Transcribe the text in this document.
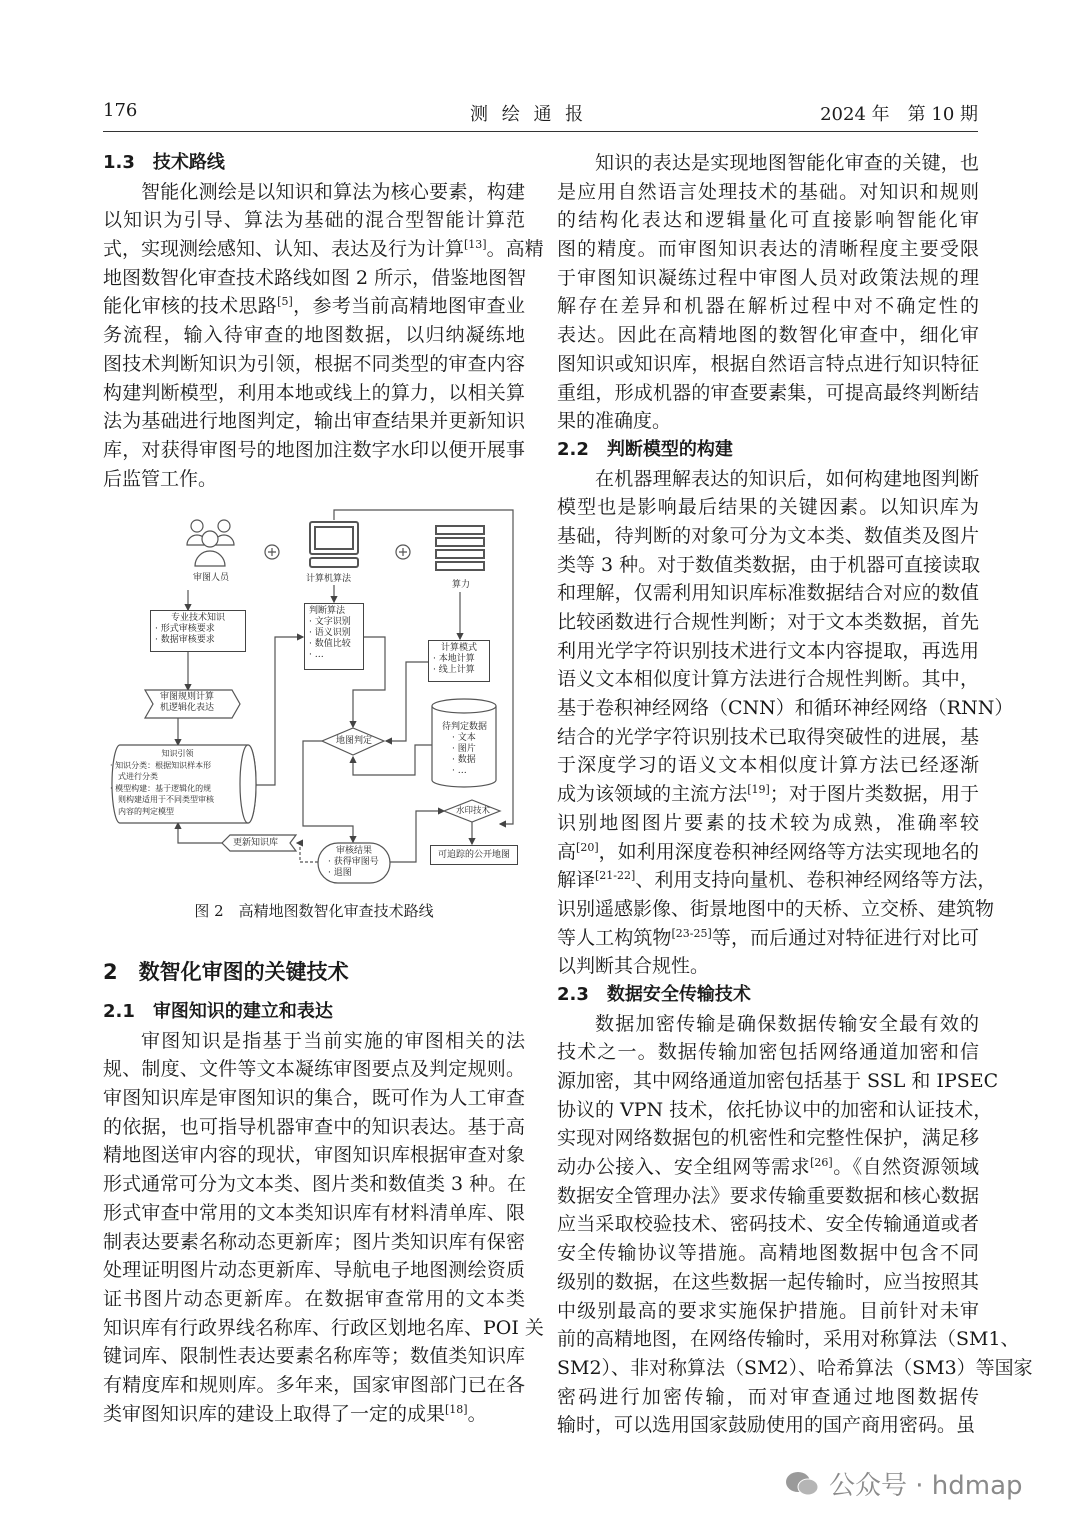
176	测 绘 通 报	2024 年　第 10 期
1.3　技术路线
智能化测绘是以知识和算法为核心要素，构建
以知识为引导、算法为基础的混合型智能计算范
式，实现测绘感知、认知、表达及行为计算[13]。高精
地图数智化审查技术路线如图 2 所示，借鉴地图智
能化审核的技术思路[5]，参考当前高精地图审查业
务流程，输入待审查的地图数据，以归纳凝练地
图技术判断知识为引领，根据不同类型的审查内容
构建判断模型，利用本地或线上的算力，以相关算
法为基础进行地图判定，输出审查结果并更新知识
库，对获得审图号的地图加注数字水印以便开展事
后监管工作。
2.1　审图知识的建立和表达
审图知识是指基于当前实施的审图相关的法
规、制度、文件等文本凝练审图要点及判定规则。
审图知识库是审图知识的集合，既可作为人工审查
的依据，也可指导机器审查中的知识表达。基于高
精地图送审内容的现状，审图知识库根据审查对象
形式通常可分为文本类、图片类和数值类 3 种。在
形式审查中常用的文本类知识库有材料清单库、限
制表达要素名称动态更新库；图片类知识库有保密
处理证明图片动态更新库、导航电子地图测绘资质
证书图片动态更新库。在数据审查常用的文本类
知识库有行政界线名称库、行政区划地名库、POI 关
键词库、限制性表达要素名称库等；数值类知识库
有精度库和规则库。多年来，国家审图部门已在各
类审图知识库的建设上取得了一定的成果[18]。
知识的表达是实现地图智能化审查的关键，也
是应用自然语言处理技术的基础。对知识和规则
的结构化表达和逻辑量化可直接影响智能化审
图的精度。而审图知识表达的清晰程度主要受限
于审图知识凝练过程中审图人员对政策法规的理
解存在差异和机器在解析过程中对不确定性的
表达。因此在高精地图的数智化审查中，细化审
图知识或知识库，根据自然语言特点进行知识特征
重组，形成机器的审查要素集，可提高最终判断结
果的准确度。
2.2　判断模型的构建
在机器理解表达的知识后，如何构建地图判断
模型也是影响最后结果的关键因素。以知识库为
基础，待判断的对象可分为文本类、数值类及图片
类等 3 种。对于数值类数据，由于机器可直接读取
和理解，仅需利用知识库标准数据结合对应的数值
比较函数进行合规性判断；对于文本类数据，首先
利用光学字符识别技术进行文本内容提取，再选用
语义文本相似度计算方法进行合规性判断。其中，
基于卷积神经网络（CNN）和循环神经网络（RNN）
结合的光学字符识别技术已取得突破性的进展，基
于深度学习的语义文本相似度计算方法已经逐渐
成为该领域的主流方法[19]；对于图片类数据，用于
识别地图图片要素的技术较为成熟，准确率较
高[20]，如利用深度卷积神经网络等方法实现地名的
解译[21-22]、利用支持向量机、卷积神经网络等方法，
识别遥感影像、街景地图中的天桥、立交桥、建筑物
等人工构筑物[23-25]等，而后通过对特征进行对比可
以判断其合规性。
2.3　数据安全传输技术
数据加密传输是确保数据传输安全最有效的
技术之一。数据传输加密包括网络通道加密和信
源加密，其中网络通道加密包括基于 SSL 和 IPSEC
协议的 VPN 技术，依托协议中的加密和认证技术，
实现对网络数据包的机密性和完整性保护，满足移
动办公接入、安全组网等需求[26]。《自然资源领域
数据安全管理办法》要求传输重要数据和核心数据
应当采取校验技术、密码技术、安全传输通道或者
安全传输协议等措施。高精地图数据中包含不同
级别的数据，在这些数据一起传输时，应当按照其
中级别最高的要求实施保护措施。目前针对未审
前的高精地图，在网络传输时，采用对称算法（SM1、
SM2）、非对称算法（SM2）、哈希算法（SM3）等国家
密码进行加密传输，而对审查通过地图数据传
输时，可以选用国家鼓励使用的国产商用密码。虽
审图人员	计算机算法
算力
专业技术知识
· 形式审核要求
· 数据审核要求
审图规则计算
机逻辑化表达
知识引领
· 知识分类：根据知识样本形
式进行分类
· 模型构建：基于逻辑化的规
则构建适用于不同类型审核
内容的判定模型
判断算法
· 文字识别
· 语义识别
· 数值比较
· …
计算模式
· 本地计算
· 线上计算
地图判定
待判定数据
· 文本
· 图片
· 数据
· …
水印技术
可追踪的公开地图
更新知识库
审核结果
· 获得审图号
· 退图
图 2　高精地图数智化审查技术路线
2　数智化审图的关键技术
公众号 · hdmap
